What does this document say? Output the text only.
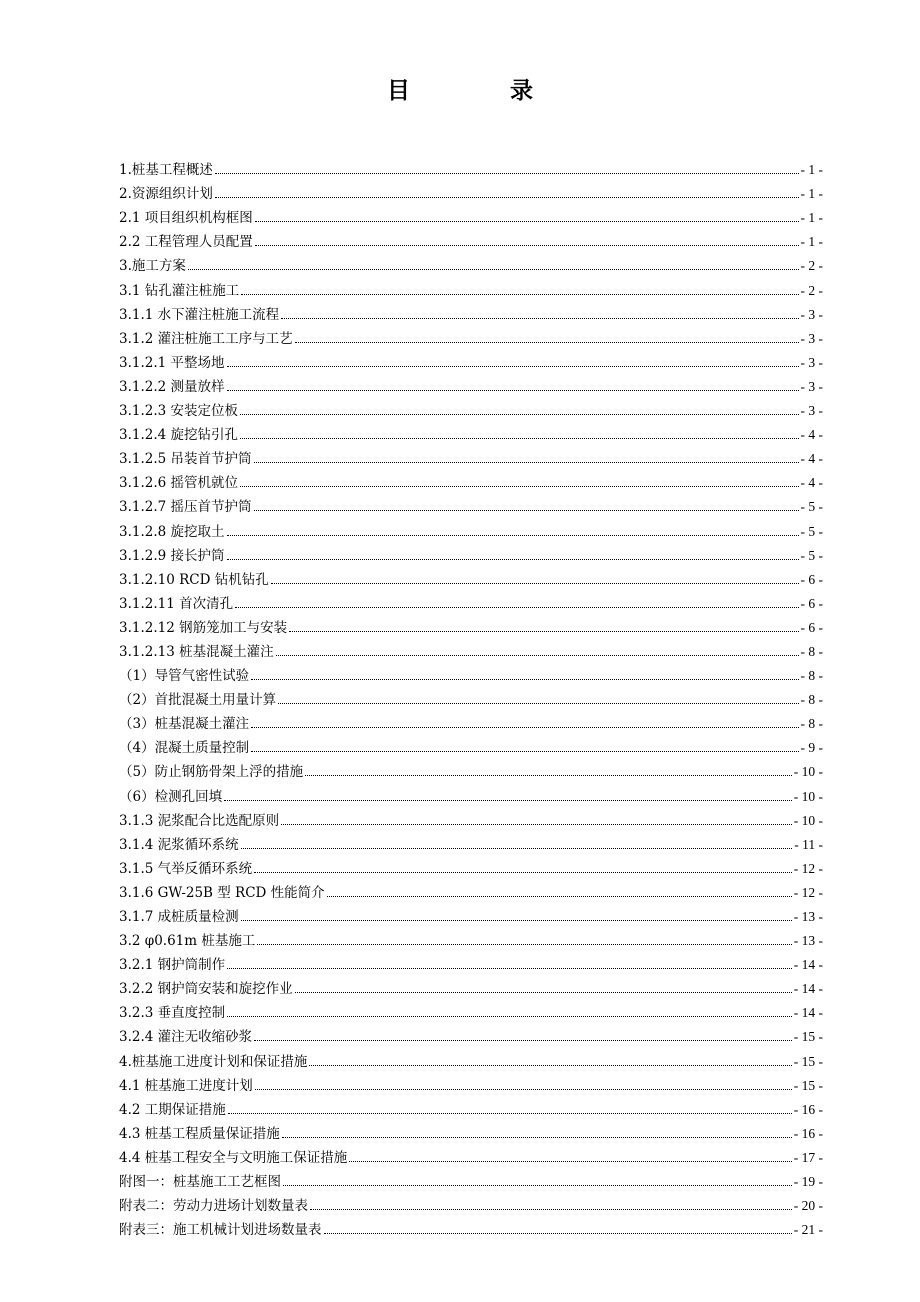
目	录
1.桩基工程概述	- 1 -
2.资源组织计划	- 1 -
2.1 项目组织机构框图	- 1 -
2.2 工程管理人员配置	- 1 -
3.施工方案	- 2 -
3.1 钻孔灌注桩施工	- 2 -
3.1.1 水下灌注桩施工流程	- 3 -
3.1.2 灌注桩施工工序与工艺	- 3 -
3.1.2.1 平整场地	- 3 -
3.1.2.2 测量放样	- 3 -
3.1.2.3 安装定位板	- 3 -
3.1.2.4 旋挖钻引孔	- 4 -
3.1.2.5 吊装首节护筒	- 4 -
3.1.2.6 摇管机就位	- 4 -
3.1.2.7 摇压首节护筒	- 5 -
3.1.2.8 旋挖取土	- 5 -
3.1.2.9 接长护筒	- 5 -
3.1.2.10 RCD 钻机钻孔	- 6 -
3.1.2.11 首次清孔	- 6 -
3.1.2.12 钢筋笼加工与安装	- 6 -
3.1.2.13 桩基混凝土灌注	- 8 -
（1）导管气密性试验	- 8 -
（2）首批混凝土用量计算	- 8 -
（3）桩基混凝土灌注	- 8 -
（4）混凝土质量控制	- 9 -
（5）防止钢筋骨架上浮的措施	- 10 -
（6）检测孔回填	- 10 -
3.1.3 泥浆配合比选配原则	- 10 -
3.1.4 泥浆循环系统	- 11 -
3.1.5 气举反循环系统	- 12 -
3.1.6 GW-25B 型 RCD 性能简介	- 12 -
3.1.7 成桩质量检测	- 13 -
3.2 φ0.61m 桩基施工	- 13 -
3.2.1 钢护筒制作	- 14 -
3.2.2 钢护筒安装和旋挖作业	- 14 -
3.2.3 垂直度控制	- 14 -
3.2.4 灌注无收缩砂浆	- 15 -
4.桩基施工进度计划和保证措施	- 15 -
4.1 桩基施工进度计划	- 15 -
4.2 工期保证措施	- 16 -
4.3 桩基工程质量保证措施	- 16 -
4.4 桩基工程安全与文明施工保证措施	- 17 -
附图一：桩基施工工艺框图	- 19 -
附表二：劳动力进场计划数量表	- 20 -
附表三：施工机械计划进场数量表	- 21 -
